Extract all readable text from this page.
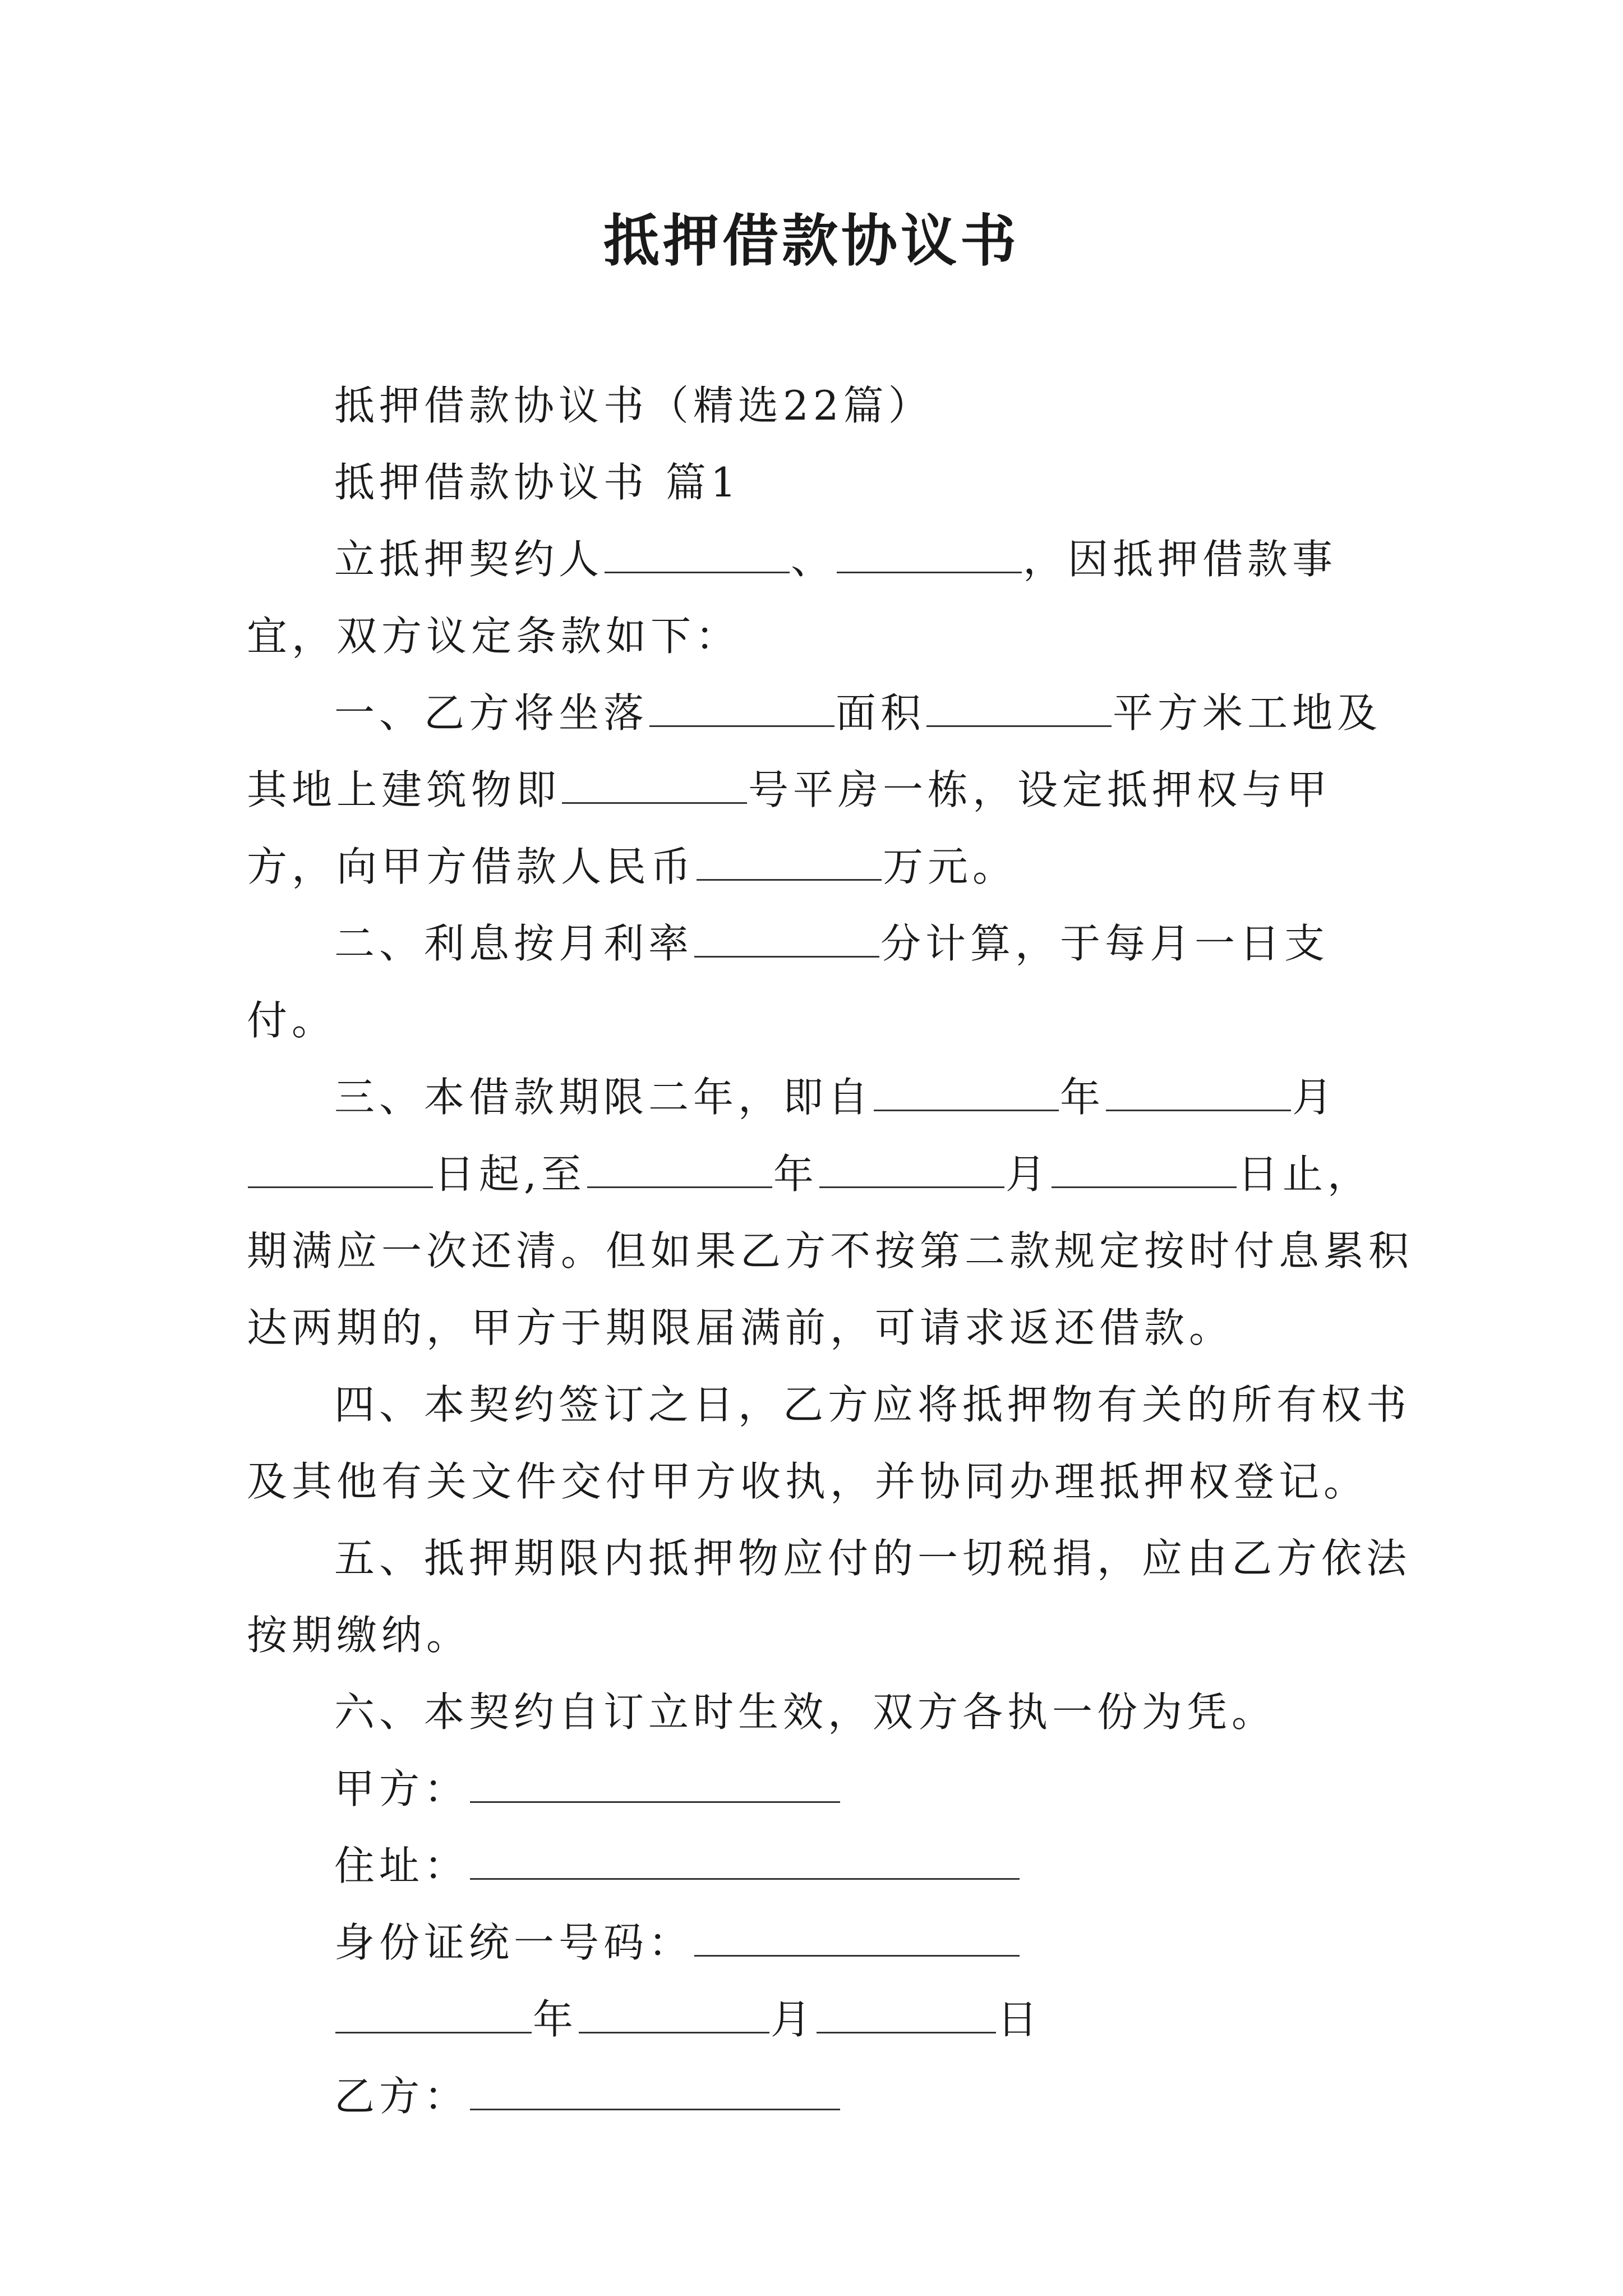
抵押借款协议书

抵押借款协议书（精选22篇）

抵押借款协议书 篇1

立抵押契约人	、	，因抵押借款事宜，双方议定条款如下：

一、乙方将坐落	面积	平方米工地及其地上建筑物即	号平房一栋，设定抵押权与甲方，向甲方借款人民币	万元。

二、利息按月利率	分计算，于每月一日支付。

三、本借款期限二年，即自	年	月 日起,至	年	月	日止，期满应一次还清。但如果乙方不按第二款规定按时付息累积达两期的，甲方于期限届满前，可请求返还借款。

四、本契约签订之日，乙方应将抵押物有关的所有权书及其他有关文件交付甲方收执，并协同办理抵押权登记。

五、抵押期限内抵押物应付的一切税捐，应由乙方依法按期缴纳。

六、本契约自订立时生效，双方各执一份为凭。

甲方：

住址：

身份证统一号码：

年	月	日

乙方：
